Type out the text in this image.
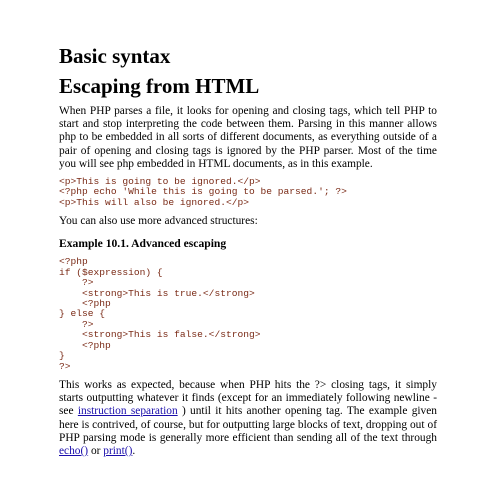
Basic syntax
Escaping from HTML

When PHP parses a file, it looks for opening and closing tags, which tell PHP to start and stop interpreting the code between them. Parsing in this manner allows php to be embedded in all sorts of different documents, as everything outside of a pair of opening and closing tags is ignored by the PHP parser. Most of the time you will see php embedded in HTML documents, as in this example.

<p>This is going to be ignored.</p>
<?php echo 'While this is going to be parsed.'; ?>
<p>This will also be ignored.</p>

You can also use more advanced structures:

Example 10.1. Advanced escaping
<?php
if ($expression) {
?>
<strong>This is true.</strong>
<?php
} else {
?>
<strong>This is false.</strong>
<?php
}
?>

This works as expected, because when PHP hits the ?> closing tags, it simply starts outputting whatever it finds (except for an immediately following newline - see instruction separation ) until it hits another opening tag. The example given here is contrived, of course, but for outputting large blocks of text, dropping out of PHP parsing mode is generally more efficient than sending all of the text through echo() or print().
